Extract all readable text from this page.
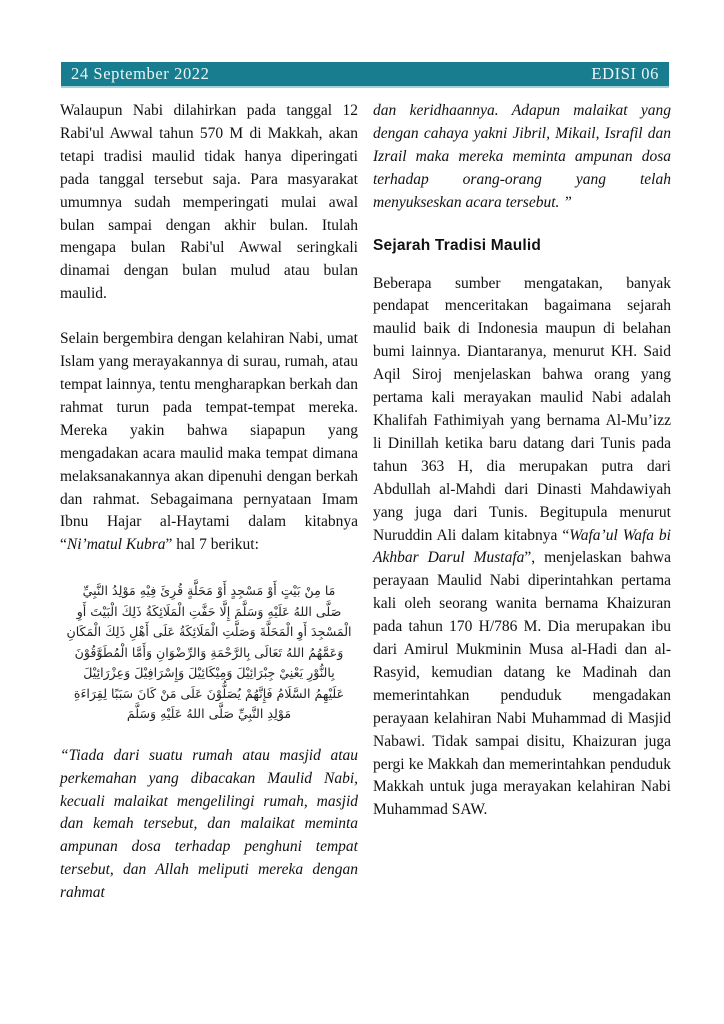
24 September 2022	EDISI 06

Walaupun Nabi dilahirkan pada tanggal 12 Rabi'ul Awwal tahun 570 M di Makkah, akan tetapi tradisi maulid tidak hanya diperingati pada tanggal tersebut saja. Para masyarakat umumnya sudah memperingati mulai awal bulan sampai dengan akhir bulan. Itulah mengapa bulan Rabi'ul Awwal seringkali dinamai dengan bulan mulud atau bulan maulid.

Selain bergembira dengan kelahiran Nabi, umat Islam yang merayakannya di surau, rumah, atau tempat lainnya, tentu mengharapkan berkah dan rahmat turun pada tempat-tempat mereka. Mereka yakin bahwa siapapun yang mengadakan acara maulid maka tempat dimana melaksanakannya akan dipenuhi dengan berkah dan rahmat. Sebagaimana pernyataan Imam Ibnu Hajar al-Haytami dalam kitabnya “Ni’matul Kubra” hal 7 berikut:

مَا مِنْ بَيْتٍ أَوْ مَسْجِدٍ أَوْ مَحَلَّةٍ قُرِئَ فِيْهِ مَوْلِدُ النَّبِيِّ
صَلَّى اللهُ عَلَيْهِ وَسَلَّمَ إِلَّا حَفَّتِ الْمَلَائِكَةُ ذَلِكَ الْبَيْتَ أَوِ
الْمَسْجِدَ أَوِ الْمَحَلَّةَ وَصَلَّتِ الْمَلَائِكَةُ عَلَى أَهْلِ ذَلِكَ الْمَكَانِ
وَعَمَّهُمُ اللهُ تَعَالَى بِالرَّحْمَةِ وَالرِّضْوَانِ وَأَمَّا الْمُطَوَّقُوْنَ
بِالنُّوْرِ يَعْنِيْ جِبْرَائِيْلَ وَمِيْكَائِيْلَ وَإِسْرَافِيْلَ وَعِزْرَائِيْلَ
عَلَيْهِمُ السَّلَامُ فَإِنَّهُمْ يُصَلُّوْنَ عَلَى مَنْ كَانَ سَبَبًا لِقِرَاءَةِ
مَوْلِدِ النَّبِيِّ صَلَّى اللهُ عَلَيْهِ وَسَلَّمَ

“Tiada dari suatu rumah atau masjid atau perkemahan yang dibacakan Maulid Nabi, kecuali malaikat mengelilingi rumah, masjid dan kemah tersebut, dan malaikat meminta ampunan dosa terhadap penghuni tempat tersebut, dan Allah meliputi mereka dengan rahmat

dan keridhaannya. Adapun malaikat yang dengan cahaya yakni Jibril, Mikail, Israfil dan Izrail maka mereka meminta ampunan dosa terhadap orang-orang yang telah menyukseskan acara tersebut. ”

Sejarah Tradisi Maulid

Beberapa sumber mengatakan, banyak pendapat menceritakan bagaimana sejarah maulid baik di Indonesia maupun di belahan bumi lainnya. Diantaranya, menurut KH. Said Aqil Siroj menjelaskan bahwa orang yang pertama kali merayakan maulid Nabi adalah Khalifah Fathimiyah yang bernama Al-Mu’izz li Dinillah ketika baru datang dari Tunis pada tahun 363 H, dia merupakan putra dari Abdullah al-Mahdi dari Dinasti Mahdawiyah yang juga dari Tunis. Begitupula menurut Nuruddin Ali dalam kitabnya “Wafa’ul Wafa bi Akhbar Darul Mustafa”, menjelaskan bahwa perayaan Maulid Nabi diperintahkan pertama kali oleh seorang wanita bernama Khaizuran pada tahun 170 H/786 M. Dia merupakan ibu dari Amirul Mukminin Musa al-Hadi dan al-Rasyid, kemudian datang ke Madinah dan memerintahkan penduduk mengadakan perayaan kelahiran Nabi Muhammad di Masjid Nabawi. Tidak sampai disitu, Khaizuran juga pergi ke Makkah dan memerintahkan penduduk Makkah untuk juga merayakan kelahiran Nabi Muhammad SAW.
